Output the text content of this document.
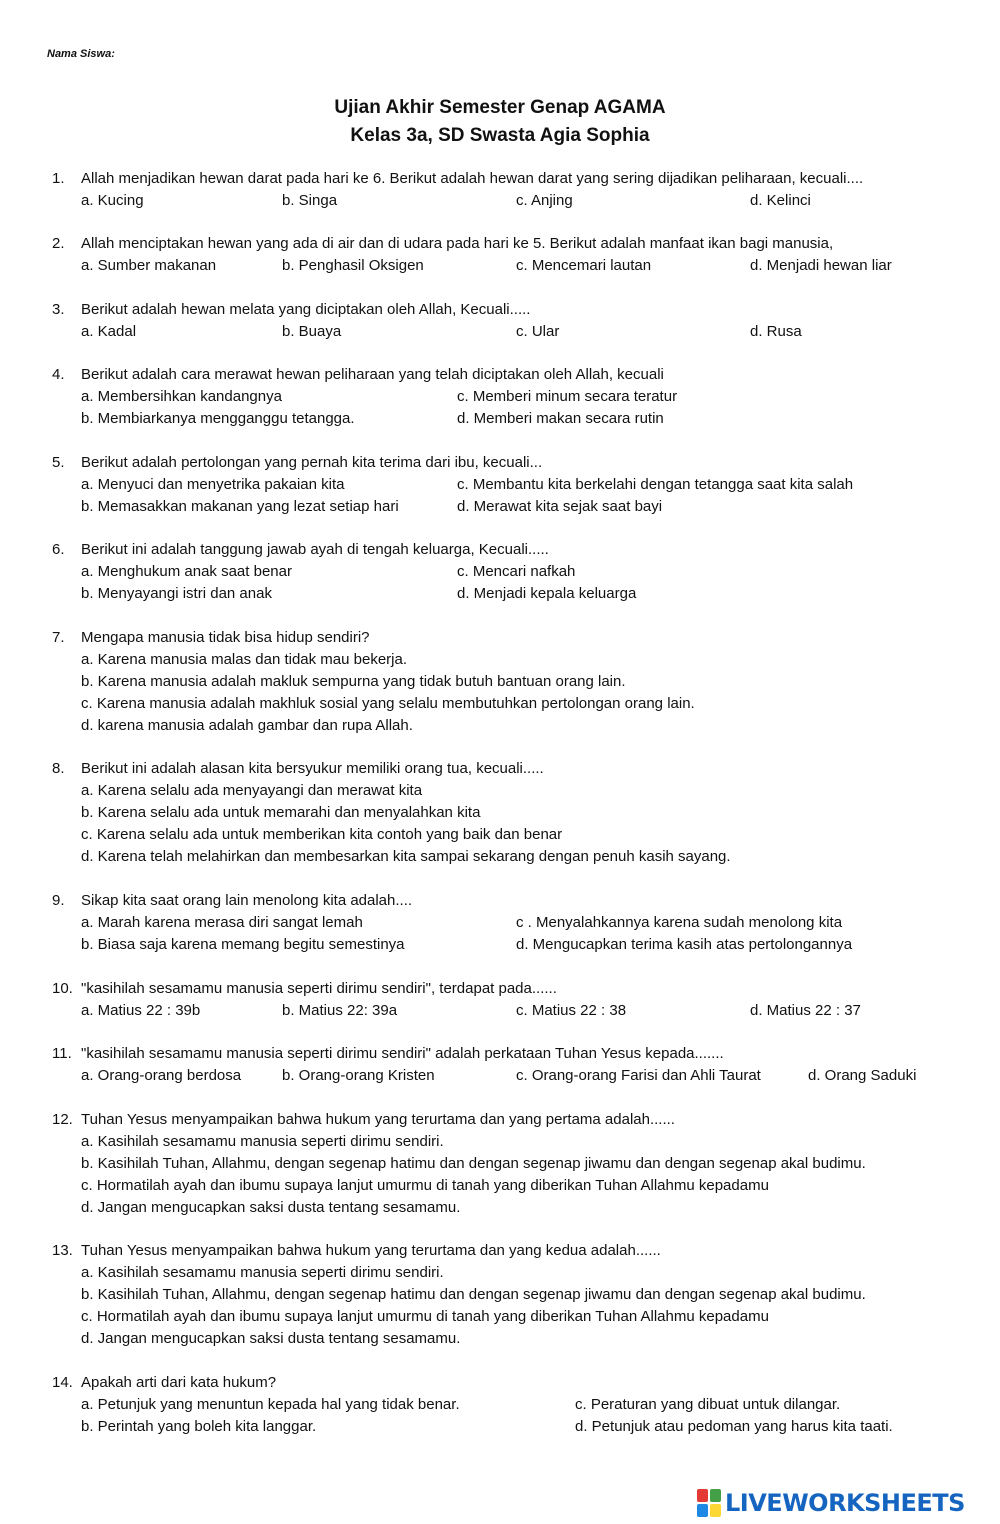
Nama Siswa:
Ujian Akhir Semester Genap AGAMA
Kelas 3a, SD Swasta Agia Sophia
1. Allah menjadikan hewan darat pada hari ke 6. Berikut adalah hewan darat yang sering dijadikan peliharaan, kecuali....
a. Kucing	b. Singa	c. Anjing	d. Kelinci
2. Allah menciptakan hewan yang ada di air dan di udara pada hari ke 5. Berikut adalah manfaat ikan bagi manusia,
a. Sumber makanan	b. Penghasil Oksigen	c. Mencemari lautan	d. Menjadi hewan liar
3. Berikut adalah hewan melata yang diciptakan oleh Allah, Kecuali.....
a. Kadal	b. Buaya	c. Ular	d. Rusa
4. Berikut adalah cara merawat hewan peliharaan yang telah diciptakan oleh Allah, kecuali
a. Membersihkan kandangnya	c. Memberi minum secara teratur
b. Membiarkanya mengganggu tetangga.	d. Memberi makan secara rutin
5. Berikut adalah pertolongan yang pernah kita terima dari ibu, kecuali...
a. Menyuci dan menyetrika pakaian kita	c. Membantu kita berkelahi dengan tetangga saat kita salah
b. Memasakkan makanan yang lezat setiap hari	d. Merawat kita sejak saat bayi
6. Berikut ini adalah tanggung jawab ayah di tengah keluarga, Kecuali.....
a. Menghukum anak saat benar	c. Mencari nafkah
b. Menyayangi istri dan anak	d. Menjadi kepala keluarga
7. Mengapa manusia tidak bisa hidup sendiri?
a. Karena manusia malas dan tidak mau bekerja.
b. Karena manusia adalah makluk sempurna yang tidak butuh bantuan orang lain.
c. Karena manusia adalah makhluk sosial yang selalu membutuhkan pertolongan orang lain.
d. karena manusia adalah gambar dan rupa Allah.
8. Berikut ini adalah alasan kita bersyukur memiliki orang tua, kecuali.....
a. Karena selalu ada menyayangi dan merawat kita
b. Karena selalu ada untuk memarahi dan menyalahkan kita
c. Karena selalu ada untuk memberikan kita contoh yang baik dan benar
d. Karena telah melahirkan dan membesarkan kita sampai sekarang dengan penuh kasih sayang.
9. Sikap kita saat orang lain menolong kita adalah....
a. Marah karena merasa diri sangat lemah	c . Menyalahkannya karena sudah menolong kita
b. Biasa saja karena memang begitu semestinya	d. Mengucapkan terima kasih atas pertolongannya
10. "kasihilah sesamamu manusia seperti dirimu sendiri", terdapat pada......
a. Matius 22 : 39b	b. Matius 22: 39a	c. Matius 22 : 38	d. Matius 22 : 37
11. "kasihilah sesamamu manusia seperti dirimu sendiri" adalah perkataan Tuhan Yesus kepada.......
a. Orang-orang berdosa	b. Orang-orang Kristen	c. Orang-orang Farisi dan Ahli Taurat	d. Orang Saduki
12. Tuhan Yesus menyampaikan bahwa hukum yang terurtama dan yang pertama adalah......
a. Kasihilah sesamamu manusia seperti dirimu sendiri.
b. Kasihilah Tuhan, Allahmu, dengan segenap hatimu dan dengan segenap jiwamu dan dengan segenap akal budimu.
c. Hormatilah ayah dan ibumu supaya lanjut umurmu di tanah yang diberikan Tuhan Allahmu kepadamu
d. Jangan mengucapkan saksi dusta tentang sesamamu.
13. Tuhan Yesus menyampaikan bahwa hukum yang terurtama dan yang kedua adalah......
a. Kasihilah sesamamu manusia seperti dirimu sendiri.
b. Kasihilah Tuhan, Allahmu, dengan segenap hatimu dan dengan segenap jiwamu dan dengan segenap akal budimu.
c. Hormatilah ayah dan ibumu supaya lanjut umurmu di tanah yang diberikan Tuhan Allahmu kepadamu
d. Jangan mengucapkan saksi dusta tentang sesamamu.
14. Apakah arti dari kata hukum?
a. Petunjuk yang menuntun kepada hal yang tidak benar.	c. Peraturan yang dibuat untuk dilangar.
b. Perintah yang boleh kita langgar.	d. Petunjuk atau pedoman yang harus kita taati.
LIVEWORKSHEETS
